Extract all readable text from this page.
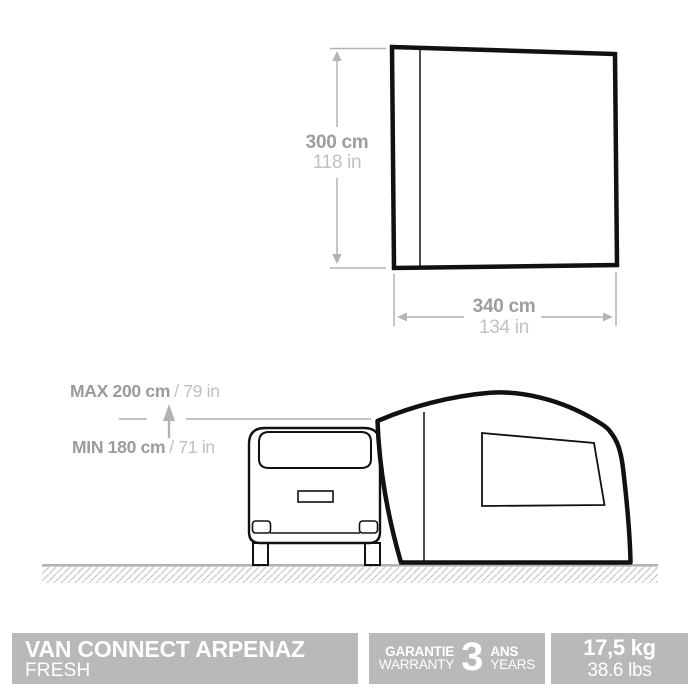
300 cm
118 in
340 cm
134 in
MAX 200 cm / 79 in
MIN 180 cm / 71 in
VAN CONNECT ARPENAZ
FRESH
GARANTIE
WARRANTY 3 ANS
YEARS
17,5 kg
38.6 lbs
